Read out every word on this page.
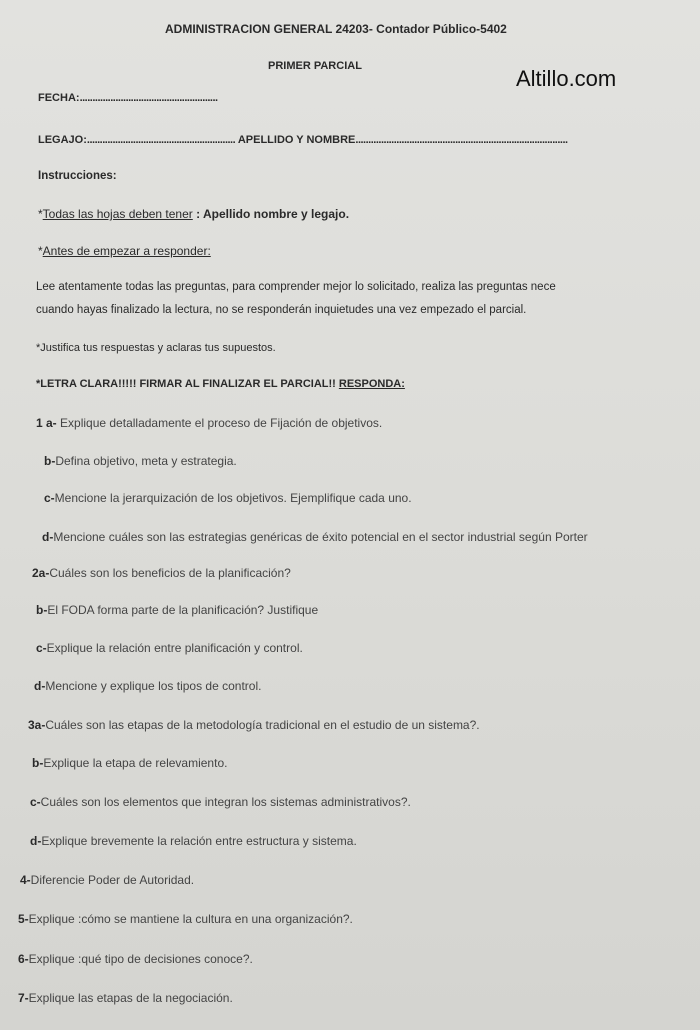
ADMINISTRACION GENERAL 24203- Contador Público-5402
PRIMER PARCIAL	Altillo.com
FECHA:......................................................
LEGAJO:.......................................................... APELLIDO Y NOMBRE...................................................................................
Instrucciones:
*Todas las hojas deben tener : Apellido nombre y legajo.
*Antes de empezar a responder:
Lee atentamente todas las preguntas, para comprender mejor lo solicitado, realiza las preguntas nece
cuando hayas finalizado la lectura, no se responderán inquietudes una vez empezado el parcial.
*Justifica tus respuestas y aclaras tus supuestos.
*LETRA CLARA!!!!! FIRMAR AL FINALIZAR EL PARCIAL!! RESPONDA:
1 a- Explique detalladamente el proceso de Fijación de objetivos.
b-Defina objetivo, meta y estrategia.
c-Mencione la jerarquización de los objetivos. Ejemplifique cada uno.
d-Mencione cuáles son las estrategias genéricas de éxito potencial en el sector industrial según Porter
2a-Cuáles son los beneficios de la planificación?
b-El FODA forma parte de la planificación? Justifique
c-Explique la relación entre planificación y control.
d-Mencione y explique los tipos de control.
3a-Cuáles son las etapas de la metodología tradicional en el estudio de un sistema?.
b-Explique la etapa de relevamiento.
c-Cuáles son los elementos que integran los sistemas administrativos?.
d-Explique brevemente la relación entre estructura y sistema.
4-Diferencie Poder de Autoridad.
5-Explique :cómo se mantiene la cultura en una organización?.
6-Explique :qué tipo de decisiones conoce?.
7-Explique las etapas de la negociación.
